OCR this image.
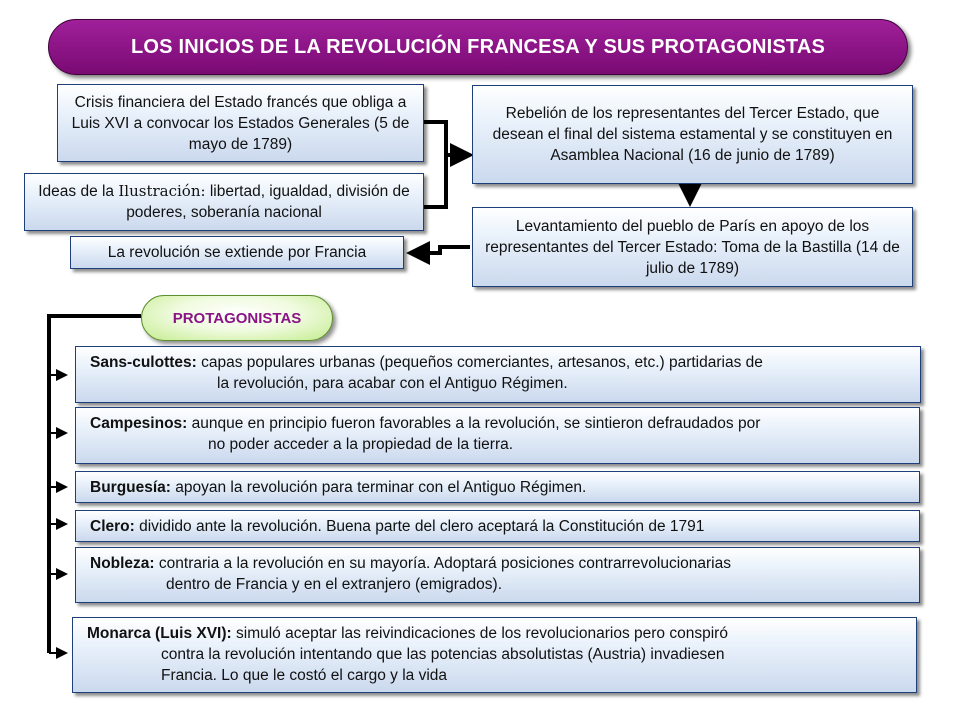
LOS INICIOS DE LA REVOLUCIÓN FRANCESA Y SUS PROTAGONISTAS
Crisis financiera del Estado francés que obliga a Luis XVI a convocar los Estados Generales (5 de mayo de 1789)
Ideas de la Ilustración: libertad, igualdad, división de poderes, soberanía nacional
Rebelión de los representantes del Tercer Estado, que desean el final del sistema estamental y se constituyen en Asamblea Nacional (16 de junio de 1789)
Levantamiento del pueblo de París en apoyo de los representantes del Tercer Estado: Toma de la Bastilla (14 de julio de 1789)
La revolución se extiende por Francia
PROTAGONISTAS
Sans-culottes: capas populares urbanas (pequeños comerciantes, artesanos, etc.) partidarias de
la revolución, para acabar con el Antiguo Régimen.
Campesinos: aunque en principio fueron favorables a la revolución, se sintieron defraudados por
no poder acceder a la propiedad de la tierra.
Burguesía: apoyan la revolución para terminar con el Antiguo Régimen.
Clero: dividido ante la revolución. Buena parte del clero aceptará la Constitución de 1791
Nobleza: contraria a la revolución en su mayoría. Adoptará posiciones contrarrevolucionarias
dentro de Francia y en el extranjero (emigrados).
Monarca (Luis XVI): simuló aceptar las reivindicaciones de los revolucionarios pero conspiró
contra la revolución intentando que las potencias absolutistas (Austria) invadiesen
Francia. Lo que le costó el cargo y la vida
